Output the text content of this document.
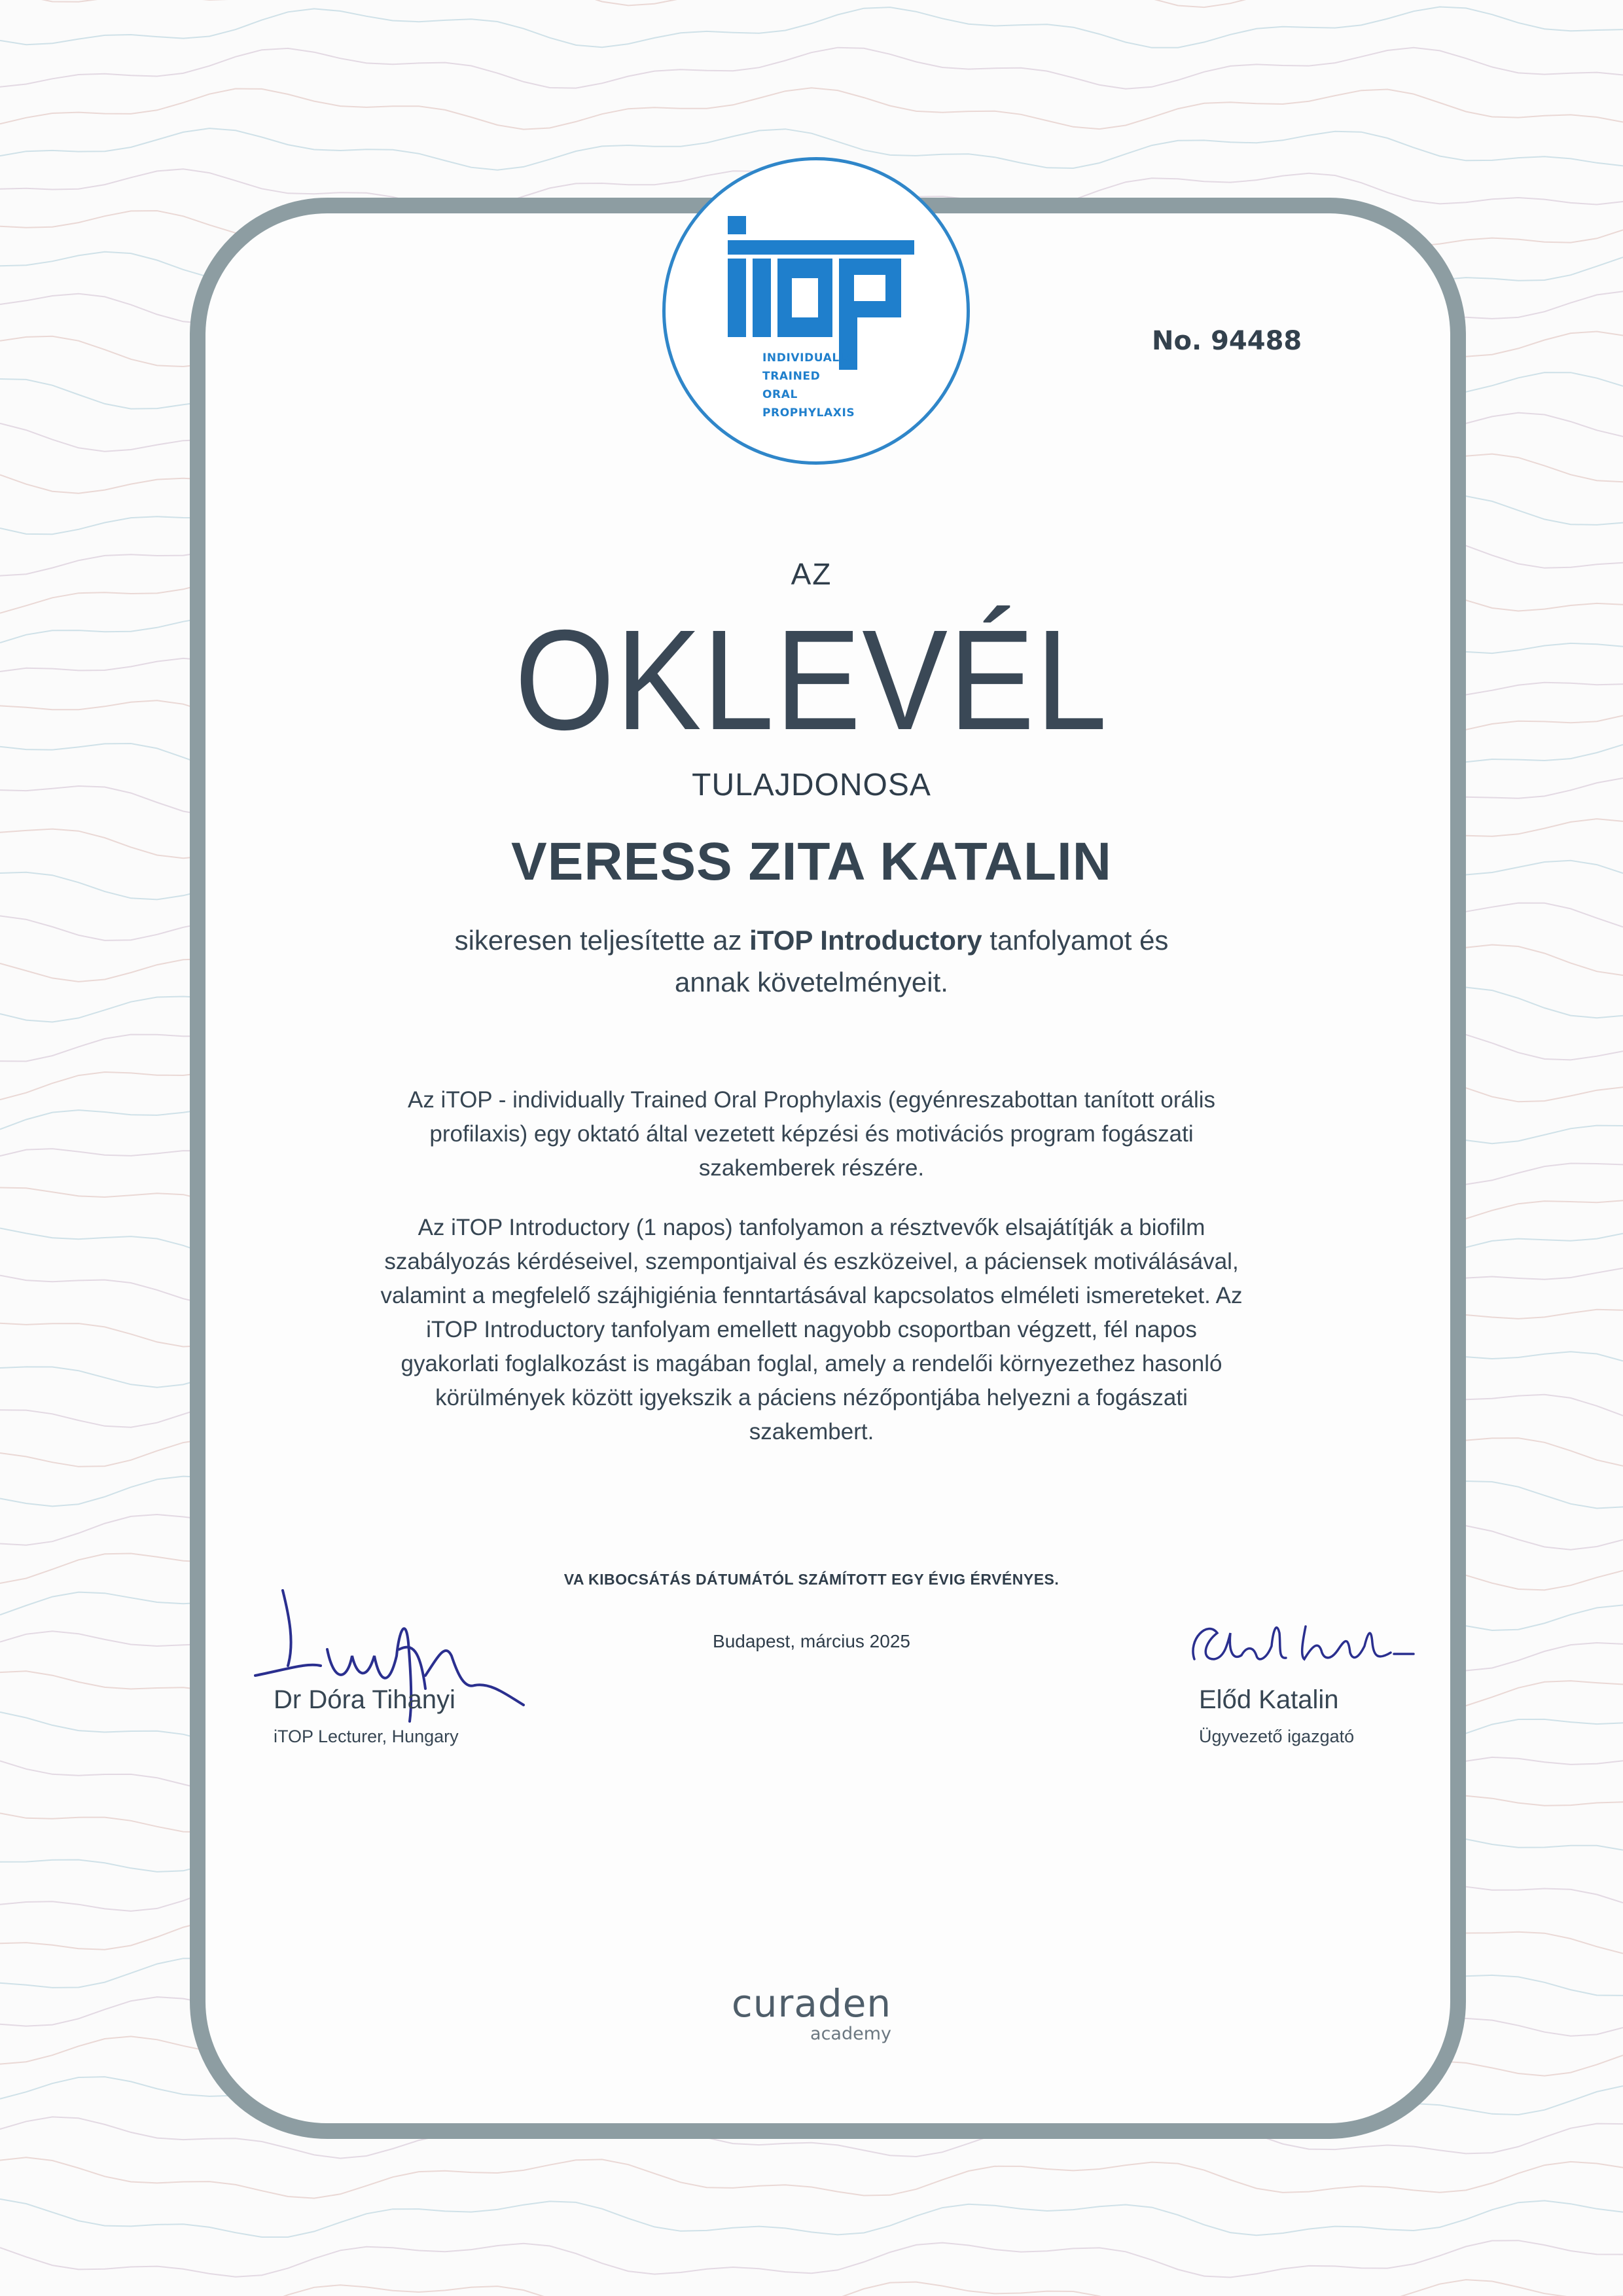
INDIVIDUALLY
TRAINED
ORAL
PROPHYLAXIS
No. 94488
AZ
OKLEVÉL
TULAJDONOSA
VERESS ZITA KATALIN
sikeresen teljesítette az iTOP Introductory tanfolyamot és
annak követelményeit.
Az iTOP - individually Trained Oral Prophylaxis (egyénreszabottan tanított orális profilaxis) egy oktató által vezetett képzési és motivációs program fogászati szakemberek részére.
Az iTOP Introductory (1 napos) tanfolyamon a résztvevők elsajátítják a biofilm szabályozás kérdéseivel, szempontjaival és eszközeivel, a páciensek motiválásával, valamint a megfelelő szájhigiénia fenntartásával kapcsolatos elméleti ismereteket. Az iTOP Introductory tanfolyam emellett nagyobb csoportban végzett, fél napos gyakorlati foglalkozást is magában foglal, amely a rendelői környezethez hasonló körülmények között igyekszik a páciens nézőpontjába helyezni a fogászati szakembert.
VA KIBOCSÁTÁS DÁTUMÁTÓL SZÁMÍTOTT EGY ÉVIG ÉRVÉNYES.
Budapest, március 2025
Dr Dóra Tihanyi
iTOP Lecturer, Hungary
Előd Katalin
Ügyvezető igazgató
curaden
academy
